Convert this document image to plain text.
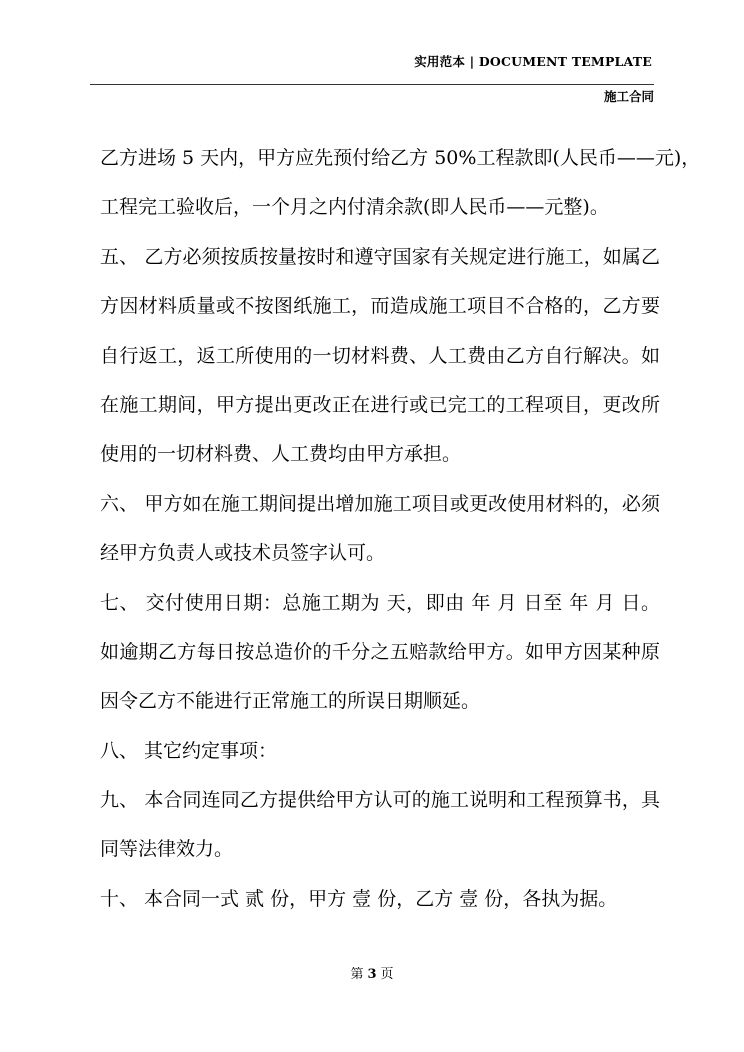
实用范本 | DOCUMENT TEMPLATE
施工合同
乙方进场 5 天内，甲方应先预付给乙方 50%工程款即(人民币——元)，
工程完工验收后，一个月之内付清余款(即人民币——元整)。
五、 乙方必须按质按量按时和遵守国家有关规定进行施工，如属乙
方因材料质量或不按图纸施工，而造成施工项目不合格的，乙方要
自行返工，返工所使用的一切材料费、人工费由乙方自行解决。如
在施工期间，甲方提出更改正在进行或已完工的工程项目，更改所
使用的一切材料费、人工费均由甲方承担。
六、 甲方如在施工期间提出增加施工项目或更改使用材料的，必须
经甲方负责人或技术员签字认可。
七、 交付使用日期：总施工期为 天，即由 年 月 日至 年 月 日。
如逾期乙方每日按总造价的千分之五赔款给甲方。如甲方因某种原
因令乙方不能进行正常施工的所误日期顺延。
八、 其它约定事项：
九、 本合同连同乙方提供给甲方认可的施工说明和工程预算书，具
同等法律效力。
十、 本合同一式 贰 份，甲方 壹 份，乙方 壹 份，各执为据。
第 3 页
